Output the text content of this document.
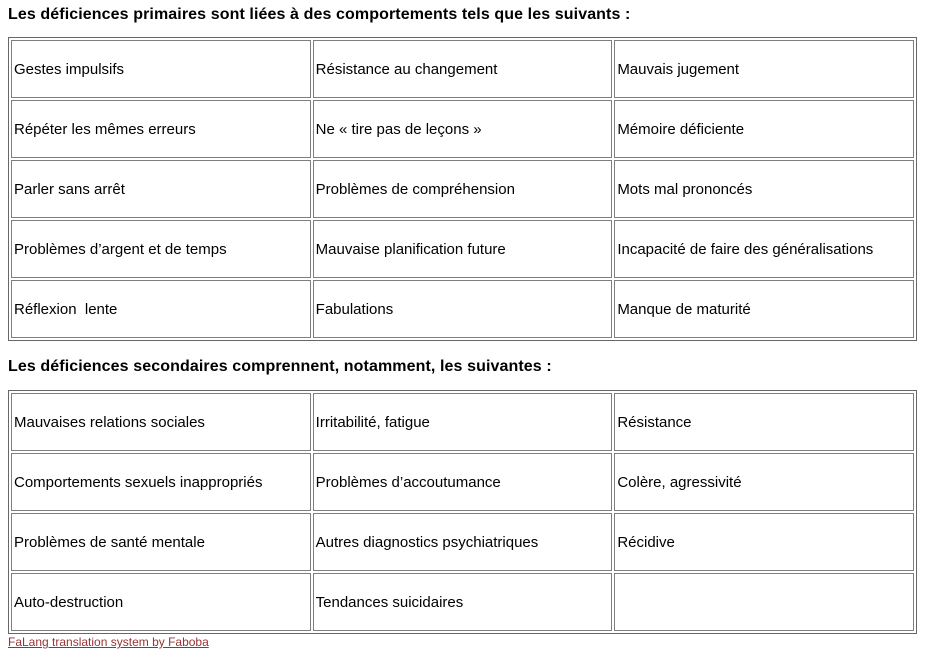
Les déficiences primaires sont liées à des comportements tels que les suivants :

Gestes impulsifs	Résistance au changement	Mauvais jugement
Répéter les mêmes erreurs	Ne « tire pas de leçons »	Mémoire déficiente
Parler sans arrêt	Problèmes de compréhension	Mots mal prononcés
Problèmes d’argent et de temps	Mauvaise planification future	Incapacité de faire des généralisations
Réflexion  lente	Fabulations	Manque de maturité

Les déficiences secondaires comprennent, notamment, les suivantes :

Mauvaises relations sociales	Irritabilité, fatigue	Résistance
Comportements sexuels inappropriés	Problèmes d’accoutumance	Colère, agressivité
Problèmes de santé mentale	Autres diagnostics psychiatriques	Récidive
Auto-destruction	Tendances suicidaires	
FaLang translation system by Faboba
